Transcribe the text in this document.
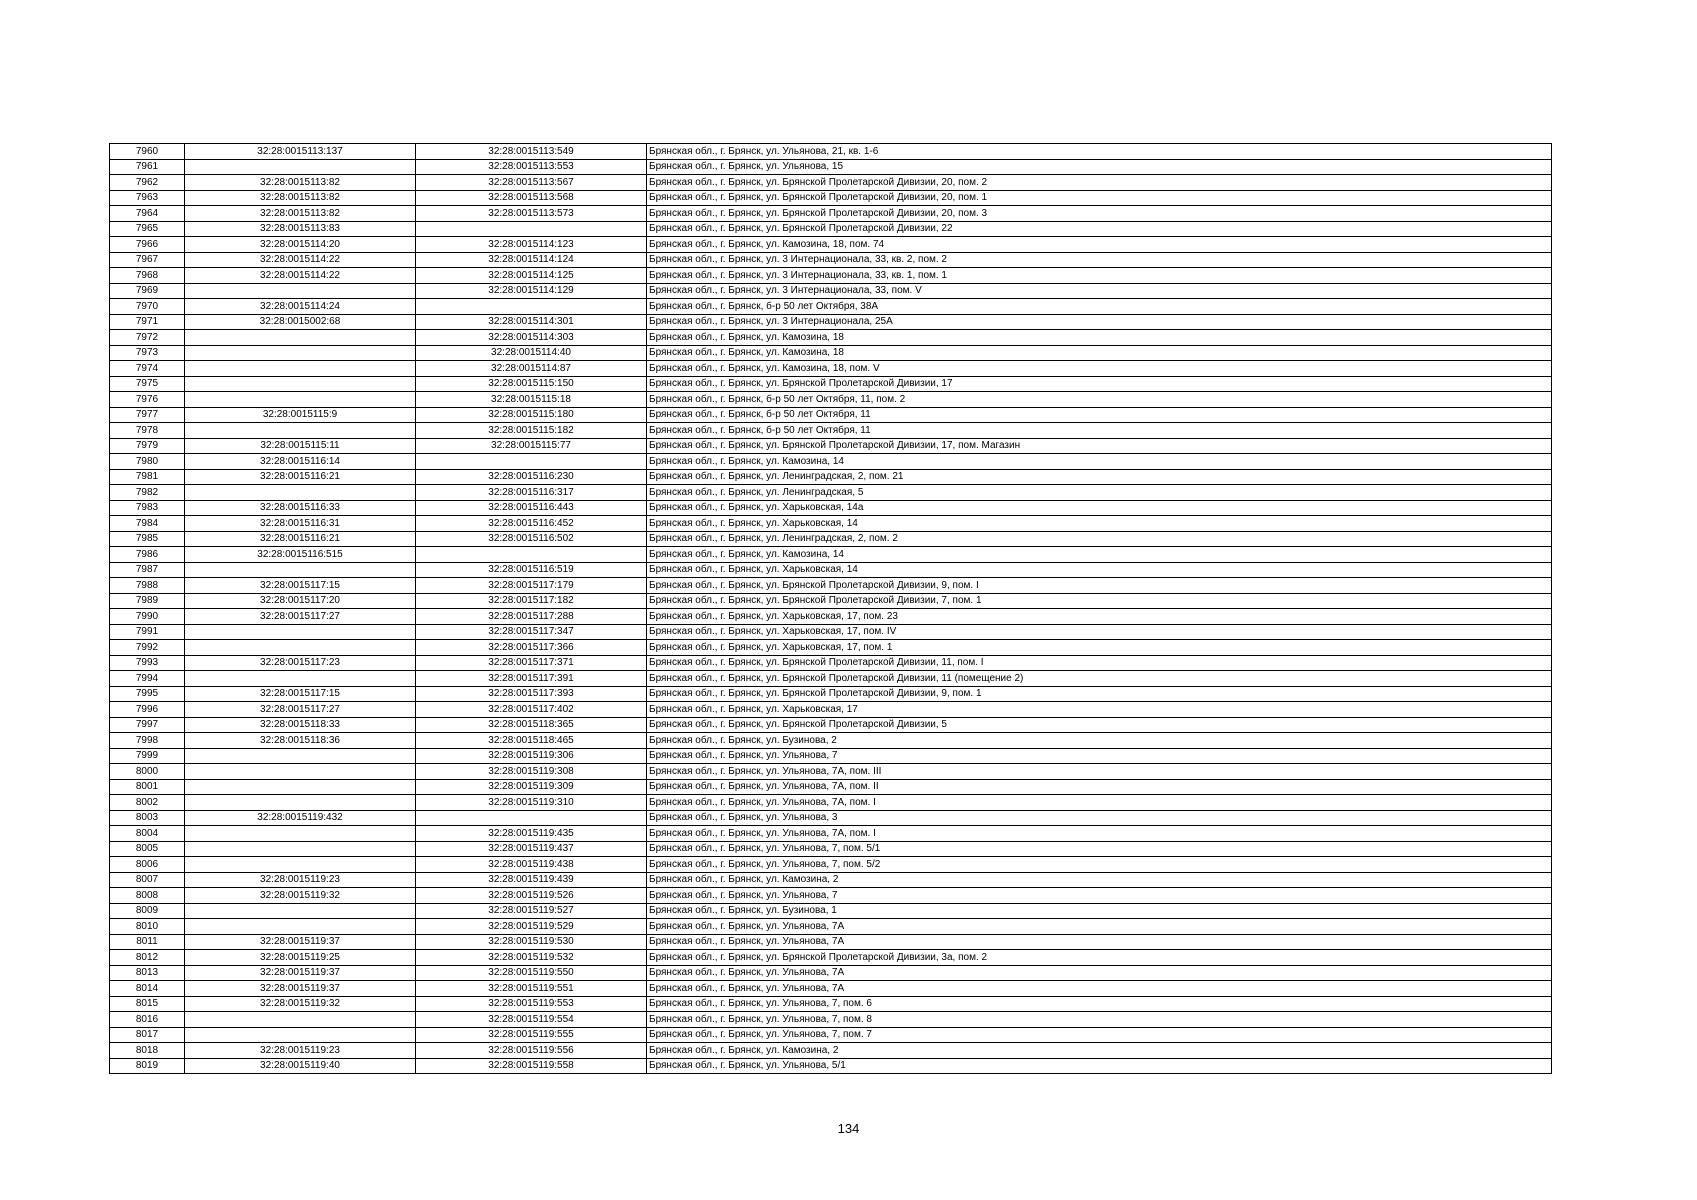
7960	32:28:0015113:137	32:28:0015113:549	Брянская обл., г. Брянск, ул. Ульянова, 21, кв. 1-6
7961		32:28:0015113:553	Брянская обл., г. Брянск, ул. Ульянова, 15
7962	32:28:0015113:82	32:28:0015113:567	Брянская обл., г. Брянск, ул. Брянской Пролетарской Дивизии, 20, пом. 2
7963	32:28:0015113:82	32:28:0015113:568	Брянская обл., г. Брянск, ул. Брянской Пролетарской Дивизии, 20, пом. 1
7964	32:28:0015113:82	32:28:0015113:573	Брянская обл., г. Брянск, ул. Брянской Пролетарской Дивизии, 20, пом. 3
7965	32:28:0015113:83		Брянская обл., г. Брянск, ул. Брянской Пролетарской Дивизии, 22
7966	32:28:0015114:20	32:28:0015114:123	Брянская обл., г. Брянск, ул. Камозина, 18, пом. 74
7967	32:28:0015114:22	32:28:0015114:124	Брянская обл., г. Брянск, ул. 3 Интернационала, 33, кв. 2, пом. 2
7968	32:28:0015114:22	32:28:0015114:125	Брянская обл., г. Брянск, ул. 3 Интернационала, 33, кв. 1, пом. 1
7969		32:28:0015114:129	Брянская обл., г. Брянск, ул. 3 Интернационала, 33, пом. V
7970	32:28:0015114:24		Брянская обл., г. Брянск, б-р 50 лет Октября, 38А
7971	32:28:0015002:68	32:28:0015114:301	Брянская обл., г. Брянск, ул. 3 Интернационала, 25А
7972		32:28:0015114:303	Брянская обл., г. Брянск, ул. Камозина, 18
7973		32:28:0015114:40	Брянская обл., г. Брянск, ул. Камозина, 18
7974		32:28:0015114:87	Брянская обл., г. Брянск, ул. Камозина, 18, пом. V
7975		32:28:0015115:150	Брянская обл., г. Брянск, ул. Брянской Пролетарской Дивизии, 17
7976		32:28:0015115:18	Брянская обл., г. Брянск, б-р 50 лет Октября, 11, пом. 2
7977	32:28:0015115:9	32:28:0015115:180	Брянская обл., г. Брянск, б-р 50 лет Октября, 11
7978		32:28:0015115:182	Брянская обл., г. Брянск, б-р 50 лет Октября, 11
7979	32:28:0015115:11	32:28:0015115:77	Брянская обл., г. Брянск, ул. Брянской Пролетарской Дивизии, 17, пом. Магазин
7980	32:28:0015116:14		Брянская обл., г. Брянск, ул. Камозина, 14
7981	32:28:0015116:21	32:28:0015116:230	Брянская обл., г. Брянск, ул. Ленинградская, 2, пом. 21
7982		32:28:0015116:317	Брянская обл., г. Брянск, ул. Ленинградская, 5
7983	32:28:0015116:33	32:28:0015116:443	Брянская обл., г. Брянск, ул. Харьковская, 14а
7984	32:28:0015116:31	32:28:0015116:452	Брянская обл., г. Брянск, ул. Харьковская, 14
7985	32:28:0015116:21	32:28:0015116:502	Брянская обл., г. Брянск, ул. Ленинградская, 2, пом. 2
7986	32:28:0015116:515		Брянская обл., г. Брянск, ул. Камозина, 14
7987		32:28:0015116:519	Брянская обл., г. Брянск, ул. Харьковская, 14
7988	32:28:0015117:15	32:28:0015117:179	Брянская обл., г. Брянск, ул. Брянской Пролетарской Дивизии, 9, пом. I
7989	32:28:0015117:20	32:28:0015117:182	Брянская обл., г. Брянск, ул. Брянской Пролетарской Дивизии, 7, пом. 1
7990	32:28:0015117:27	32:28:0015117:288	Брянская обл., г. Брянск, ул. Харьковская, 17, пом. 23
7991		32:28:0015117:347	Брянская обл., г. Брянск, ул. Харьковская, 17, пом. IV
7992		32:28:0015117:366	Брянская обл., г. Брянск, ул. Харьковская, 17, пом. 1
7993	32:28:0015117:23	32:28:0015117:371	Брянская обл., г. Брянск, ул. Брянской Пролетарской Дивизии, 11, пом. I
7994		32:28:0015117:391	Брянская обл., г. Брянск, ул. Брянской Пролетарской Дивизии, 11 (помещение 2)
7995	32:28:0015117:15	32:28:0015117:393	Брянская обл., г. Брянск, ул. Брянской Пролетарской Дивизии, 9, пом. 1
7996	32:28:0015117:27	32:28:0015117:402	Брянская обл., г. Брянск, ул. Харьковская, 17
7997	32:28:0015118:33	32:28:0015118:365	Брянская обл., г. Брянск, ул. Брянской Пролетарской Дивизии, 5
7998	32:28:0015118:36	32:28:0015118:465	Брянская обл., г. Брянск, ул. Бузинова, 2
7999		32:28:0015119:306	Брянская обл., г. Брянск, ул. Ульянова, 7
8000		32:28:0015119:308	Брянская обл., г. Брянск, ул. Ульянова, 7А, пом. III
8001		32:28:0015119:309	Брянская обл., г. Брянск, ул. Ульянова, 7А, пом. II
8002		32:28:0015119:310	Брянская обл., г. Брянск, ул. Ульянова, 7А, пом. I
8003	32:28:0015119:432		Брянская обл., г. Брянск, ул. Ульянова, 3
8004		32:28:0015119:435	Брянская обл., г. Брянск, ул. Ульянова, 7А, пом. I
8005		32:28:0015119:437	Брянская обл., г. Брянск, ул. Ульянова, 7, пом. 5/1
8006		32:28:0015119:438	Брянская обл., г. Брянск, ул. Ульянова, 7, пом. 5/2
8007	32:28:0015119:23	32:28:0015119:439	Брянская обл., г. Брянск, ул. Камозина, 2
8008	32:28:0015119:32	32:28:0015119:526	Брянская обл., г. Брянск, ул. Ульянова, 7
8009		32:28:0015119:527	Брянская обл., г. Брянск, ул. Бузинова, 1
8010		32:28:0015119:529	Брянская обл., г. Брянск, ул. Ульянова, 7А
8011	32:28:0015119:37	32:28:0015119:530	Брянская обл., г. Брянск, ул. Ульянова, 7А
8012	32:28:0015119:25	32:28:0015119:532	Брянская обл., г. Брянск, ул. Брянской Пролетарской Дивизии, 3а, пом. 2
8013	32:28:0015119:37	32:28:0015119:550	Брянская обл., г. Брянск, ул. Ульянова, 7А
8014	32:28:0015119:37	32:28:0015119:551	Брянская обл., г. Брянск, ул. Ульянова, 7А
8015	32:28:0015119:32	32:28:0015119:553	Брянская обл., г. Брянск, ул. Ульянова, 7, пом. 6
8016		32:28:0015119:554	Брянская обл., г. Брянск, ул. Ульянова, 7, пом. 8
8017		32:28:0015119:555	Брянская обл., г. Брянск, ул. Ульянова, 7, пом. 7
8018	32:28:0015119:23	32:28:0015119:556	Брянская обл., г. Брянск, ул. Камозина, 2
8019	32:28:0015119:40	32:28:0015119:558	Брянская обл., г. Брянск, ул. Ульянова, 5/1
134
